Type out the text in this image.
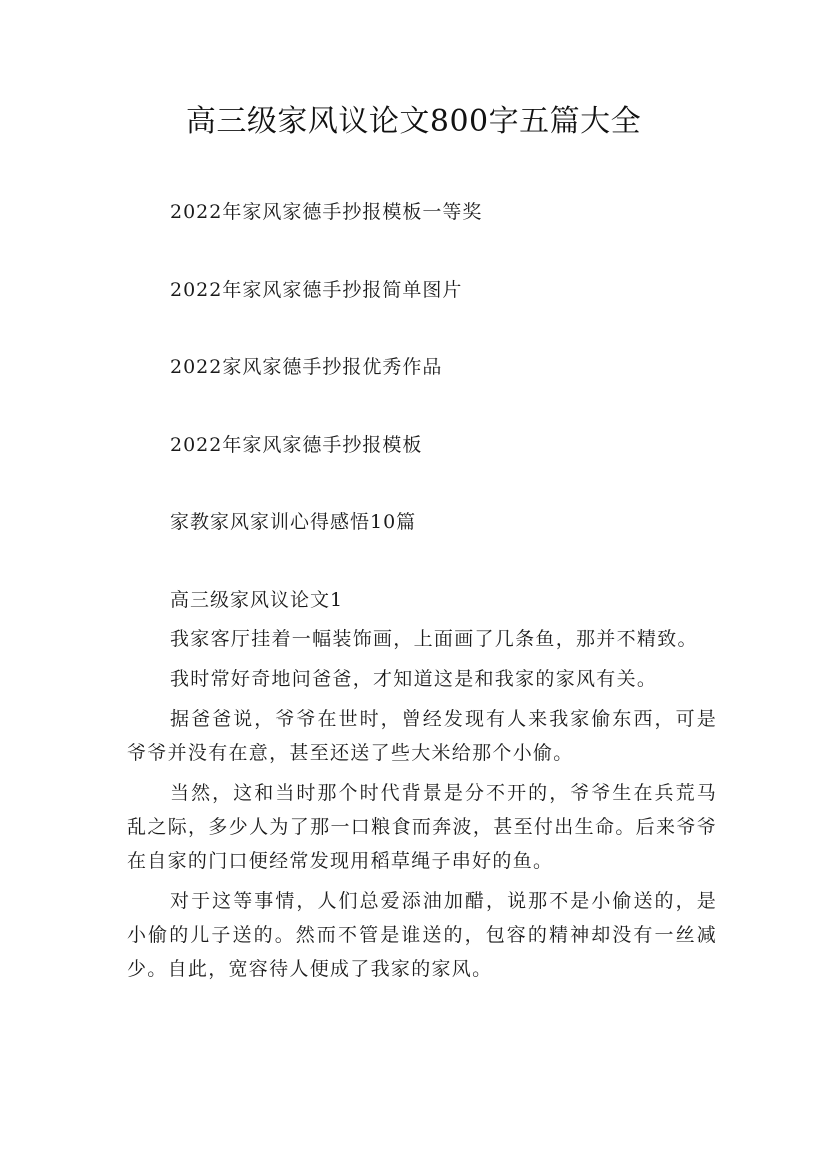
高三级家风议论文800字五篇大全
2022年家风家德手抄报模板一等奖
2022年家风家德手抄报简单图片
2022家风家德手抄报优秀作品
2022年家风家德手抄报模板
家教家风家训心得感悟10篇
高三级家风议论文1

我家客厅挂着一幅装饰画，上面画了几条鱼，那并不精致。

我时常好奇地问爸爸，才知道这是和我家的家风有关。

据爸爸说，爷爷在世时，曾经发现有人来我家偷东西，可是爷爷并没有在意，甚至还送了些大米给那个小偷。

当然，这和当时那个时代背景是分不开的，爷爷生在兵荒马乱之际，多少人为了那一口粮食而奔波，甚至付出生命。后来爷爷在自家的门口便经常发现用稻草绳子串好的鱼。

对于这等事情，人们总爱添油加醋，说那不是小偷送的，是小偷的儿子送的。然而不管是谁送的，包容的精神却没有一丝减少。自此，宽容待人便成了我家的家风。
